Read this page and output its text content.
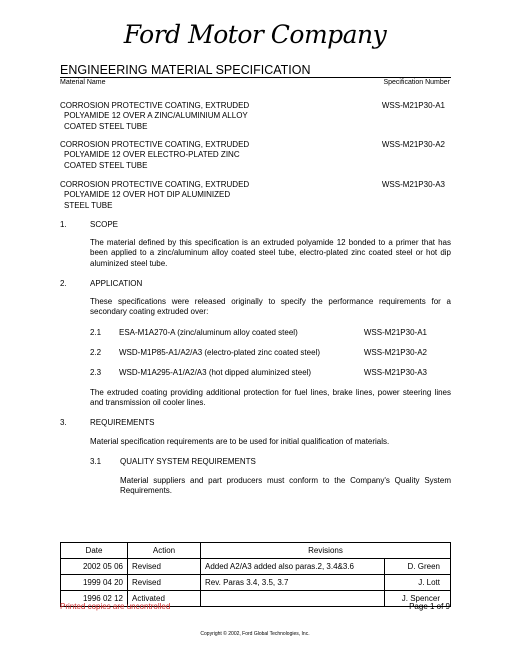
Ford Motor Company
ENGINEERING MATERIAL SPECIFICATION
Material Name	Specification Number
CORROSION PROTECTIVE COATING, EXTRUDED
POLYAMIDE 12 OVER A ZINC/ALUMINIUM ALLOY
COATED STEEL TUBE
WSS-M21P30-A1
CORROSION PROTECTIVE COATING, EXTRUDED
POLYAMIDE 12 OVER ELECTRO-PLATED ZINC
COATED STEEL TUBE
WSS-M21P30-A2
CORROSION PROTECTIVE COATING, EXTRUDED
POLYAMIDE 12 OVER HOT DIP ALUMINIZED
STEEL TUBE
WSS-M21P30-A3
1.	SCOPE
The material defined by this specification is an extruded polyamide 12 bonded to a primer that has been applied to a zinc/aluminum alloy coated steel tube, electro-plated zinc coated steel or hot dip aluminized steel tube.
2.	APPLICATION
These specifications were released originally to specify the performance requirements for a secondary coating extruded over:
2.1 ESA-M1A270-A (zinc/aluminum alloy coated steel)	WSS-M21P30-A1
2.2 WSD-M1P85-A1/A2/A3 (electro-plated zinc coated steel)	WSS-M21P30-A2
2.3 WSD-M1A295-A1/A2/A3 (hot dipped aluminized steel)	WSS-M21P30-A3
The extruded coating providing additional protection for fuel lines, brake lines, power steering lines and transmission oil cooler lines.
3.	REQUIREMENTS
Material specification requirements are to be used for initial qualification of materials.
3.1 QUALITY SYSTEM REQUIREMENTS
Material suppliers and part producers must conform to the Company's Quality System Requirements.
Date	Action	Revisions	
2002 05 06	Revised	Added A2/A3 added also paras.2, 3.4&3.6	D. Green
1999 04 20	Revised	Rev. Paras 3.4, 3.5, 3.7	J. Lott
1996 02 12	Activated		J. Spencer
Printed copies are uncontrolled	Page 1 of 9
Copyright © 2002, Ford Global Technologies, Inc.
